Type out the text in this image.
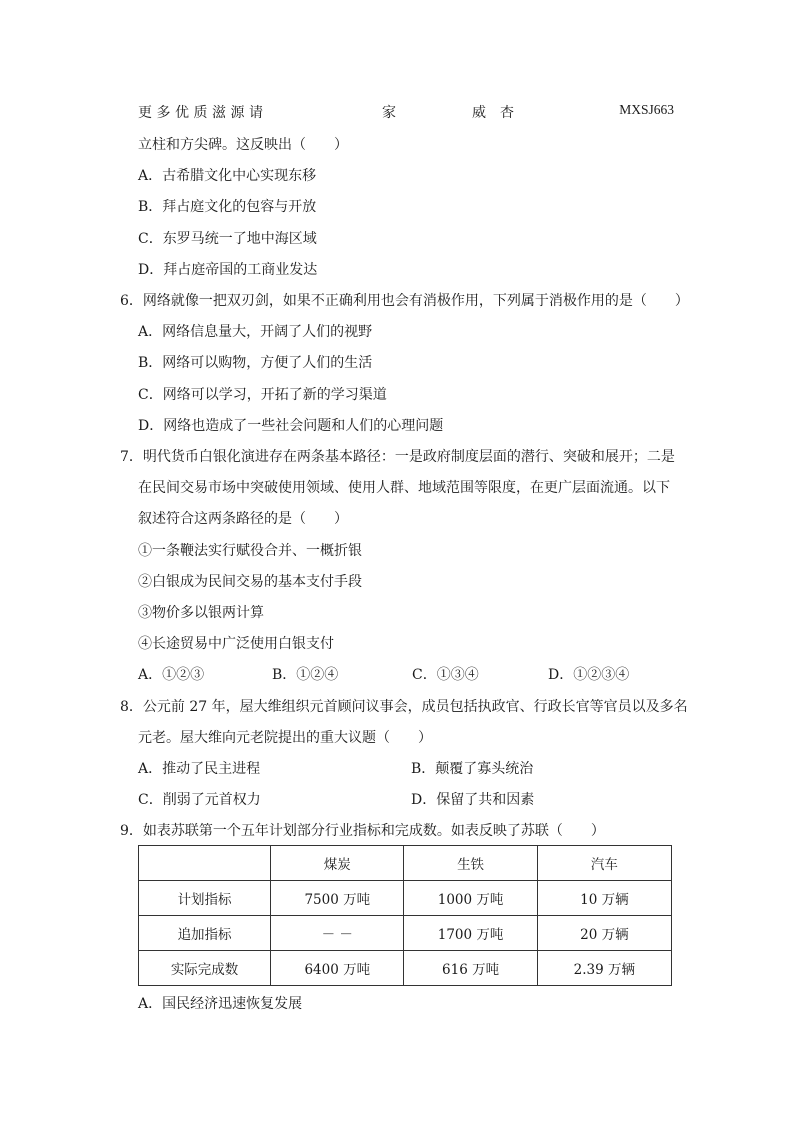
更多优质滋源请	家	威杏	MXSJ663
立柱和方尖碑。这反映出（　　）
A．古希腊文化中心实现东移
B．拜占庭文化的包容与开放
C．东罗马统一了地中海区域
D．拜占庭帝国的工商业发达
6．网络就像一把双刃剑，如果不正确利用也会有消极作用，下列属于消极作用的是（　　）
A．网络信息量大，开阔了人们的视野
B．网络可以购物，方便了人们的生活
C．网络可以学习，开拓了新的学习渠道
D．网络也造成了一些社会问题和人们的心理问题
7．明代货币白银化演进存在两条基本路径：一是政府制度层面的潜行、突破和展开；二是
在民间交易市场中突破使用领域、使用人群、地域范围等限度，在更广层面流通。以下
叙述符合这两条路径的是（　　）
①一条鞭法实行赋役合并、一概折银
②白银成为民间交易的基本支付手段
③物价多以银两计算
④长途贸易中广泛使用白银支付
A．①②③	B．①②④	C．①③④	D．①②③④
8．公元前 27 年，屋大维组织元首顾问议事会，成员包括执政官、行政长官等官员以及多名
元老。屋大维向元老院提出的重大议题（　　）
A．推动了民主进程	B．颠覆了寡头统治
C．削弱了元首权力	D．保留了共和因素
9．如表苏联第一个五年计划部分行业指标和完成数。如表反映了苏联（　　）
	煤炭	生铁	汽车
计划指标	7500 万吨	1000 万吨	10 万辆
追加指标	－ －	1700 万吨	20 万辆
实际完成数	6400 万吨	616 万吨	2.39 万辆
A．国民经济迅速恢复发展
